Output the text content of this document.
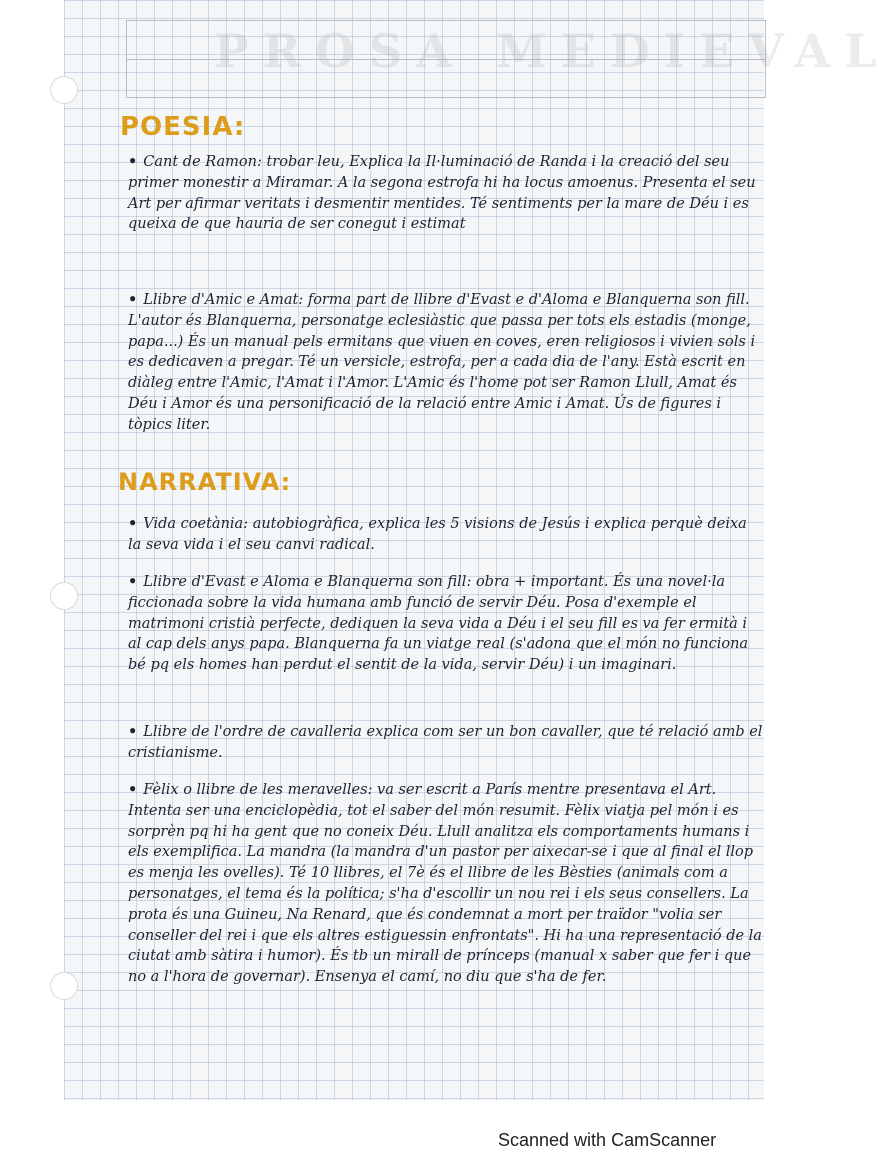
PROSA MEDIEVAL
POESIA:

• Cant de Ramon: trobar leu, Explica la Il·luminació de Randa i la creació del seu primer monestir a Miramar. A la segona estrofa hi ha locus amoenus. Presenta el seu Art per afirmar veritats i desmentir mentides. Té sentiments per la mare de Déu i es queixa de que hauria de ser conegut i estimat

• Llibre d'Amic e Amat: forma part de llibre d'Evast e d'Aloma e Blanquerna son fill. L'autor és Blanquerna, personatge eclesiàstic que passa per tots els estadis (monge, papa...) És un manual pels ermitans que viuen en coves, eren religiosos i vivien sols i es dedicaven a pregar. Té un versicle, estrofa, per a cada dia de l'any. Està escrit en diàleg entre l'Amic, l'Amat i l'Amor. L'Amic és l'home pot ser Ramon Llull, Amat és Déu i Amor és una personificació de la relació entre Amic i Amat. Ús de figures i tòpics liter.

NARRATIVA:

• Vida coetània: autobiogràfica, explica les 5 visions de Jesús i explica perquè deixa la seva vida i el seu canvi radical.

• Llibre d'Evast e Aloma e Blanquerna son fill: obra + important. És una novel·la ficcionada sobre la vida humana amb funció de servir Déu. Posa d'exemple el matrimoni cristià perfecte, dediquen la seva vida a Déu i el seu fill es va fer ermità i al cap dels anys papa. Blanquerna fa un viatge real (s'adona que el món no funciona bé pq els homes han perdut el sentit de la vida, servir Déu) i un imaginari.

• Llibre de l'ordre de cavalleria explica com ser un bon cavaller, que té relació amb el cristianisme.

• Fèlix o llibre de les meravelles: va ser escrit a París mentre presentava el Art. Intenta ser una enciclopèdia, tot el saber del món resumit. Fèlix viatja pel món i es sorprèn pq hi ha gent que no coneix Déu. Llull analitza els comportaments humans i els exemplifica. La mandra (la mandra d'un pastor per aixecar-se i que al final el llop es menja les ovelles). Té 10 llibres, el 7è és el llibre de les Bèsties (animals com a personatges, el tema és la política; s'ha d'escollir un nou rei i els seus consellers. La prota és una Guineu, Na Renard, que és condemnat a mort per traïdor "volia ser conseller del rei i que els altres estiguessin enfrontats". Hi ha una representació de la ciutat amb sàtira i humor). És tb un mirall de prínceps (manual x saber que fer i que no a l'hora de governar). Ensenya el camí, no diu que s'ha de fer.

Scanned with CamScanner
